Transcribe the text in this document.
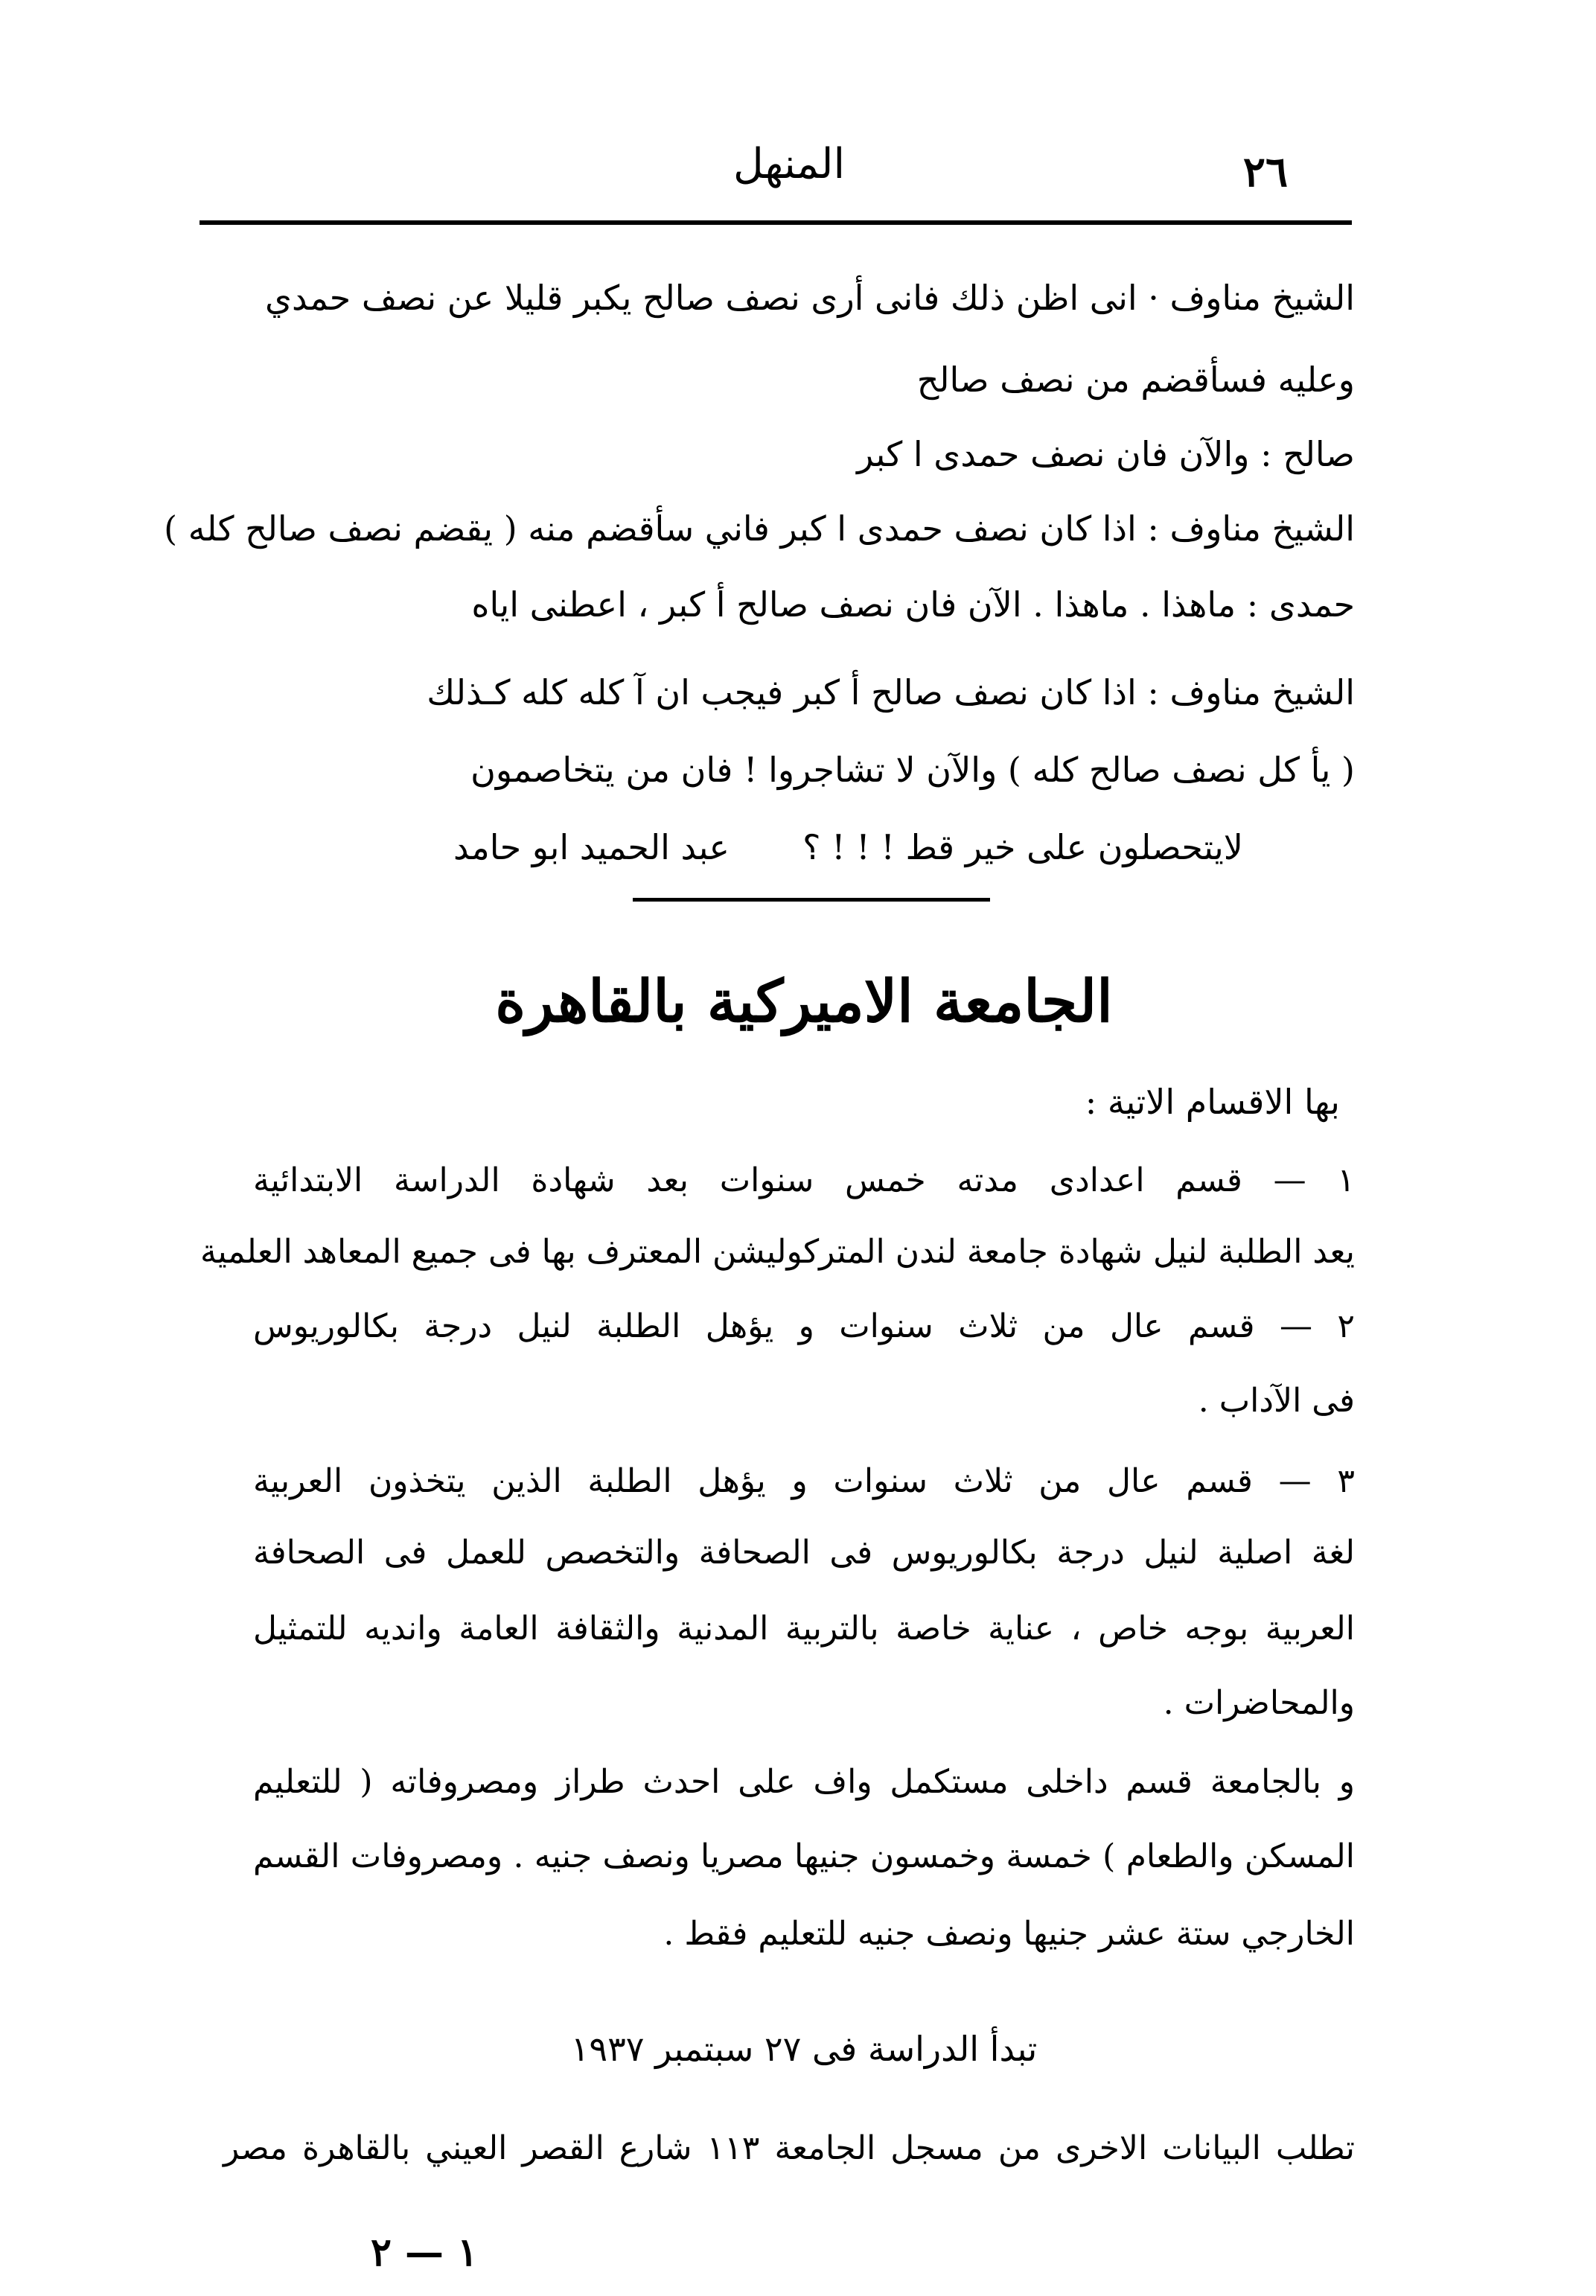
المنهل	٢٦
الشيخ مناوف · انى اظن ذلك فانى أرى نصف صالح يكبر قليلا عن نصف حمدي
وعليه فسأقضم من نصف صالح
صالح : والآن فان نصف حمدى ا كبر
الشيخ مناوف : اذا كان نصف حمدى ا كبر فاني سأقضم منه ( يقضم نصف صالح كله )
حمدى : ماهذا . ماهذا . الآن فان نصف صالح أ كبر ، اعطنى اياه
الشيخ مناوف : اذا كان نصف صالح أ كبر فيجب ان آ كله كله كـذلك
( يأ كل نصف صالح كله ) والآن لا تشاجروا ! فان من يتخاصمون
لايتحصلون على خير قط ! ! ! ؟
عبد الحميد ابو حامد
الجامعة الاميركية بالقاهرة
بها الاقسام الاتية :
١ — قسم اعدادى مدته خمس سنوات بعد شهادة الدراسة الابتدائية
يعد الطلبة لنيل شهادة جامعة لندن المتركوليشن المعترف بها فى جميع المعاهد العلمية
٢ — قسم عال من ثلاث سنوات و يؤهل الطلبة لنيل درجة بكالوريوس
فى الآداب .
٣ — قسم عال من ثلاث سنوات و يؤهل الطلبة الذين يتخذون العربية
لغة اصلية لنيل درجة بكالوريوس فى الصحافة والتخصص للعمل فى الصحافة
العربية بوجه خاص ، عناية خاصة بالتربية المدنية والثقافة العامة وانديه للتمثيل
والمحاضرات .
و بالجامعة قسم داخلى مستكمل واف على احدث طراز ومصروفاته ( للتعليم
المسكن والطعام ) خمسة وخمسون جنيها مصريا ونصف جنيه . ومصروفات القسم
الخارجي ستة عشر جنيها ونصف جنيه للتعليم فقط .
تبدأ الدراسة فى ٢٧ سبتمبر ١٩٣٧
تطلب البيانات الاخرى من مسجل الجامعة ١١٣ شارع القصر العيني بالقاهرة مصر
١ — ٢
